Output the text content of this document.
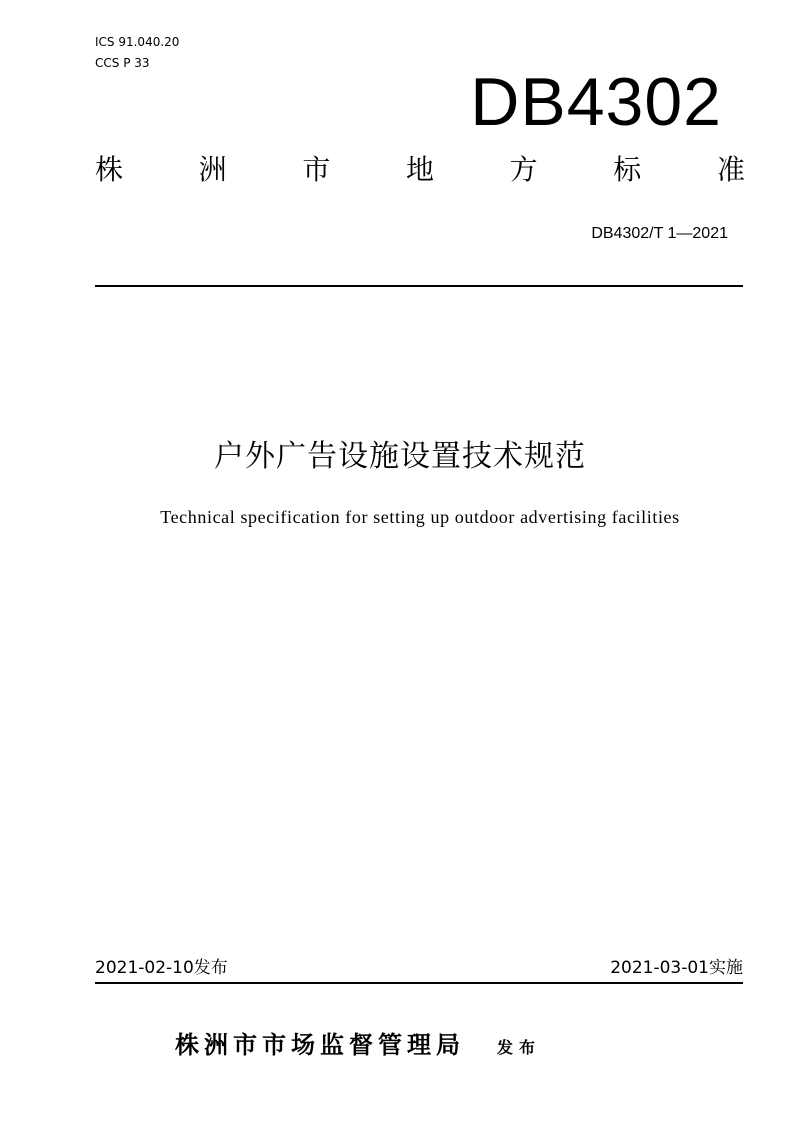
ICS 91.040.20
CCS P 33
DB4302
株	洲	市	地	方	标	准
DB4302/T 1—2021
户外广告设施设置技术规范
Technical specification for setting up outdoor advertising facilities
2021-02-10发布	2021-03-01实施
株洲市市场监督管理局 发布
